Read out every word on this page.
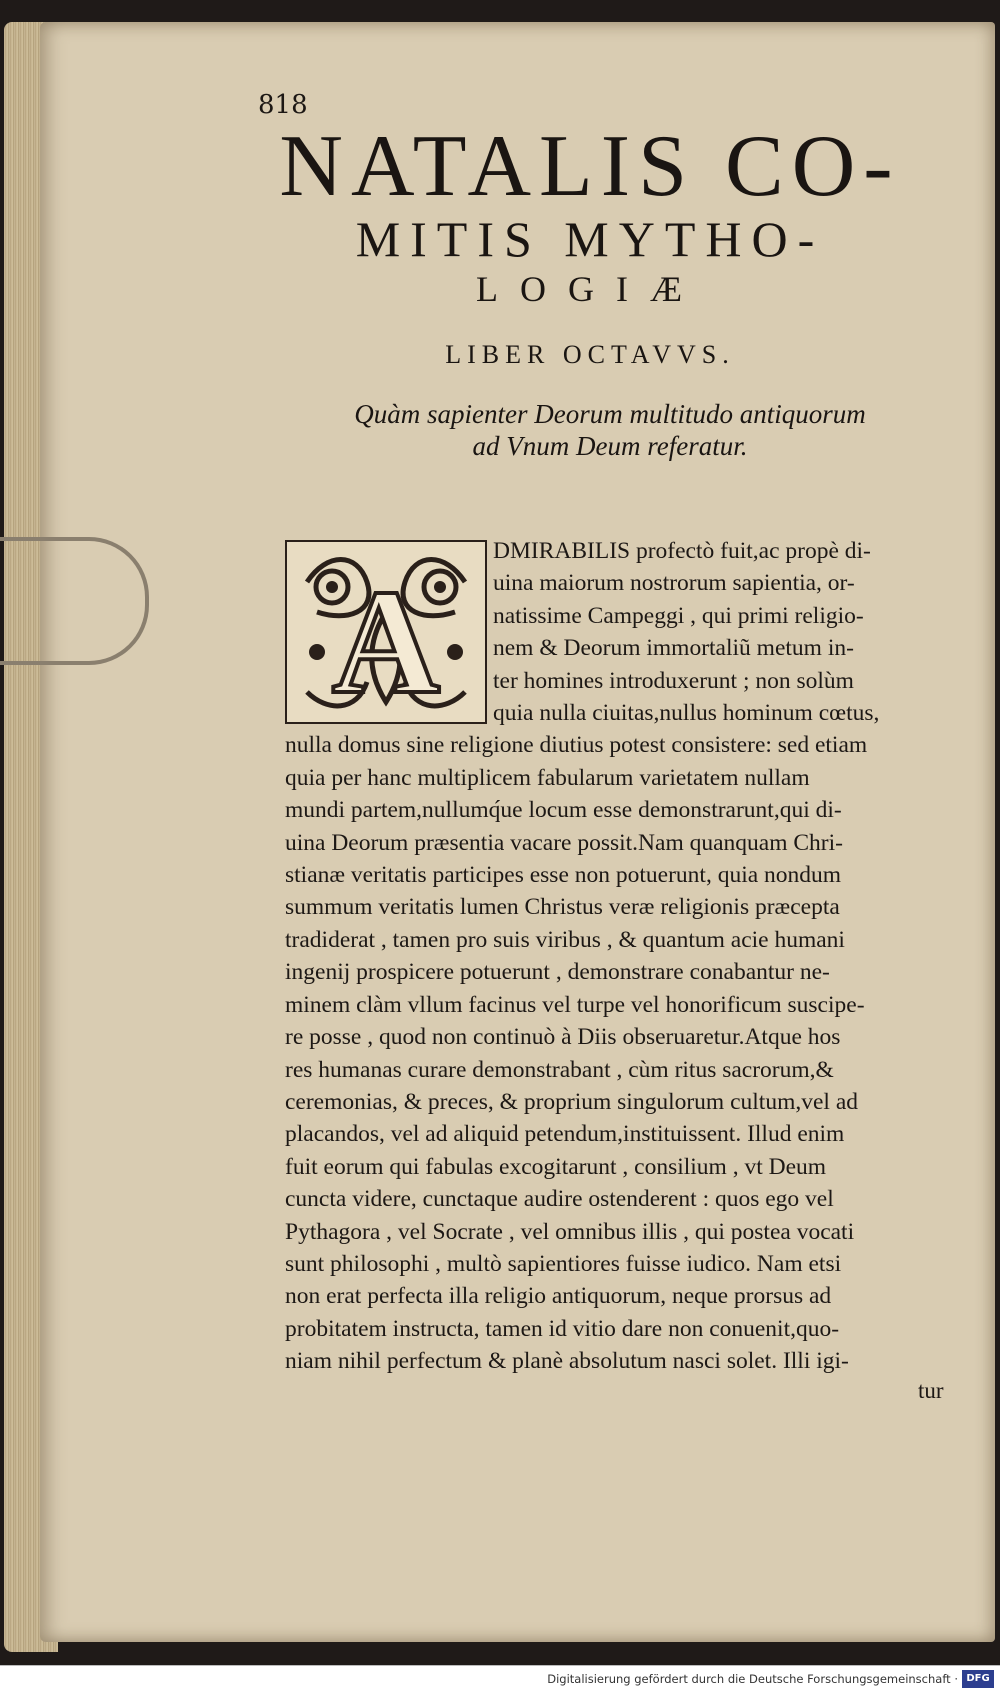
818
NATALIS CO-
MITIS MYTHO-
LOGIÆ
LIBER OCTAVVS.
Quàm sapienter Deorum multitudo antiquorum
ad Vnum Deum referatur.
A
DMIRABILIS profectò fuit,ac propè di-
uina maiorum nostrorum sapientia, or-
natissime Campeggi , qui primi religio-
nem & Deorum immortaliũ metum in-
ter homines introduxerunt ; non solùm
quia nulla ciuitas,nullus hominum cœtus,
nulla domus sine religione diutius potest consistere: sed etiam
quia per hanc multiplicem fabularum varietatem nullam
mundi partem,nullumq́ue locum esse demonstrarunt,qui di-
uina Deorum præsentia vacare possit.Nam quanquam Chri-
stianæ veritatis participes esse non potuerunt, quia nondum
summum veritatis lumen Christus veræ religionis præcepta
tradiderat , tamen pro suis viribus , & quantum acie humani
ingenij prospicere potuerunt , demonstrare conabantur ne-
minem clàm vllum facinus vel turpe vel honorificum suscipe-
re posse , quod non continuò à Diis obseruaretur.Atque hos
res humanas curare demonstrabant , cùm ritus sacrorum,&
ceremonias, & preces, & proprium singulorum cultum,vel ad
placandos, vel ad aliquid petendum,instituissent. Illud enim
fuit eorum qui fabulas excogitarunt , consilium , vt Deum
cuncta videre, cunctaque audire ostenderent : quos ego vel
Pythagora , vel Socrate , vel omnibus illis , qui postea vocati
sunt philosophi , multò sapientiores fuisse iudico. Nam etsi
non erat perfecta illa religio antiquorum, neque prorsus ad
probitatem instructa, tamen id vitio dare non conuenit,quo-
niam nihil perfectum & planè absolutum nasci solet. Illi igi-
tur
Digitalisierung gefördert durch die Deutsche Forschungsgemeinschaft · DFG
